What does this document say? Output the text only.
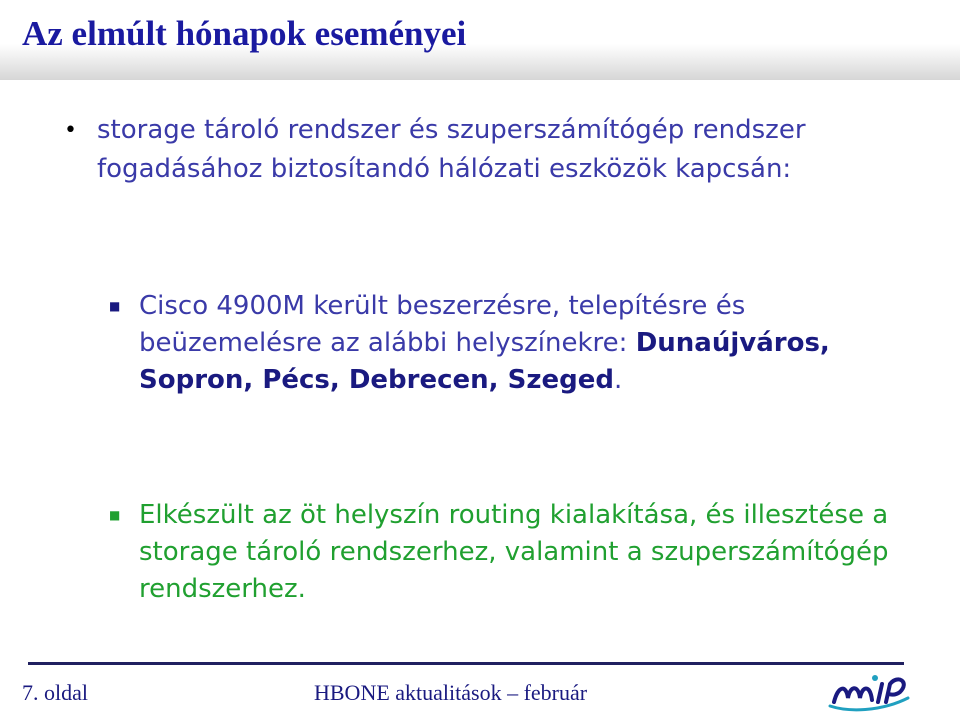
Az elmúlt hónapok eseményei
• storage tároló rendszer és szuperszámítógép rendszer fogadásához biztosítandó hálózati eszközök kapcsán:
■ Cisco 4900M került beszerzésre, telepítésre és beüzemelésre az alábbi helyszínekre: Dunaújváros, Sopron, Pécs, Debrecen, Szeged.
■ Elkészült az öt helyszín routing kialakítása, és illesztése a storage tároló rendszerhez, valamint a szuperszámítógép rendszerhez.
7. oldal	HBONE aktualitások – február
